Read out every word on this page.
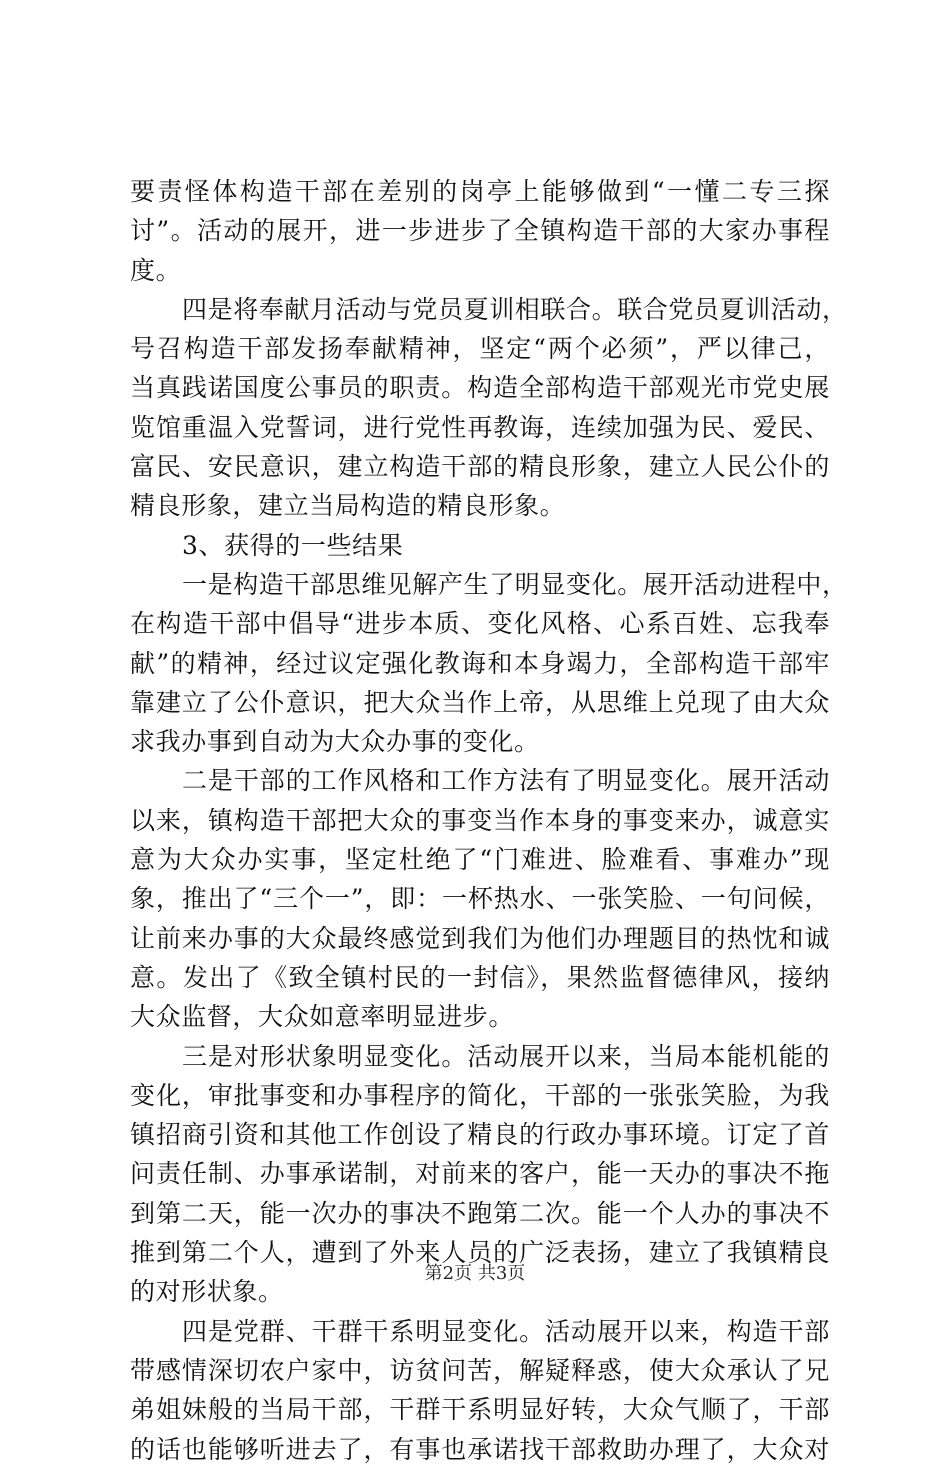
要责怪体构造干部在差别的岗亭上能够做到“一懂二专三探
讨”。活动的展开，进一步进步了全镇构造干部的大家办事程
度。
四是将奉献月活动与党员夏训相联合。联合党员夏训活动，
号召构造干部发扬奉献精神，坚定“两个必须”，严以律己，
当真践诺国度公事员的职责。构造全部构造干部观光市党史展
览馆重温入党誓词，进行党性再教诲，连续加强为民、爱民、
富民、安民意识，建立构造干部的精良形象，建立人民公仆的
精良形象，建立当局构造的精良形象。
3、获得的一些结果
一是构造干部思维见解产生了明显变化。展开活动进程中，
在构造干部中倡导“进步本质、变化风格、心系百姓、忘我奉
献”的精神，经过议定强化教诲和本身竭力，全部构造干部牢
靠建立了公仆意识，把大众当作上帝，从思维上兑现了由大众
求我办事到自动为大众办事的变化。
二是干部的工作风格和工作方法有了明显变化。展开活动
以来，镇构造干部把大众的事变当作本身的事变来办，诚意实
意为大众办实事，坚定杜绝了“门难进、脸难看、事难办”现
象，推出了“三个一”，即：一杯热水、一张笑脸、一句问候，
让前来办事的大众最终感觉到我们为他们办理题目的热忱和诚
意。发出了《致全镇村民的一封信》，果然监督德律风，接纳
大众监督，大众如意率明显进步。
三是对形状象明显变化。活动展开以来，当局本能机能的
变化，审批事变和办事程序的简化，干部的一张张笑脸，为我
镇招商引资和其他工作创设了精良的行政办事环境。订定了首
问责任制、办事承诺制，对前来的客户，能一天办的事决不拖
到第二天，能一次办的事决不跑第二次。能一个人办的事决不
推到第二个人，遭到了外来人员的广泛表扬，建立了我镇精良
的对形状象。
四是党群、干群干系明显变化。活动展开以来，构造干部
带感情深切农户家中，访贫问苦，解疑释惑，使大众承认了兄
弟姐妹般的当局干部，干群干系明显好转，大众气顺了，干部
的话也能够听进去了，有事也承诺找干部救助办理了，大众对
第2页 共3页
